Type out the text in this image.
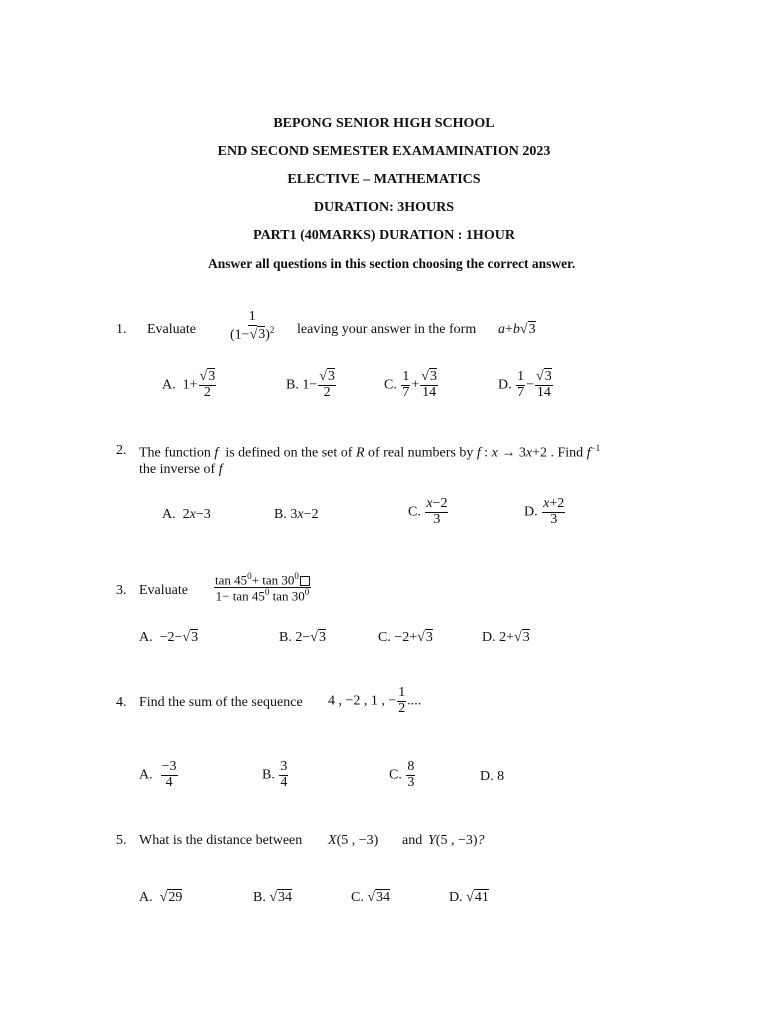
BEPONG SENIOR HIGH SCHOOL
END SECOND SEMESTER EXAMAMINATION 2023
ELECTIVE – MATHEMATICS
DURATION: 3HOURS
PART1 (40MARKS) DURATION : 1HOUR
Answer all questions in this section choosing the correct answer.
1. Evaluate $\frac{1}{(1-√3)^2}$ leaving your answer in the form a+b√3
A.  $1+ \frac{√3}{2}$	B. $1- \frac{√3}{2}$	C. $\frac{1}{7} + \frac{√3}{14}$	D. $\frac{1}{7} - \frac{√3}{14}$
2. The function f is defined on the set of R of real numbers by f : x → 3x+2 . Find $f^{-1}$
the inverse of f
A.  2x−3	B. 3x−2	C. $\frac{x-2}{3}$	D. $\frac{x+2}{3}$
3. Evaluate $\frac{\tan 45^0+ \tan 30^0}{1- \tan 45^0 \tan 30^0}$
A.  −2−√3	B. 2−√3	C. −2+√3	D. 2+√3
4. Find the sum of the sequence 4 , −2 , 1 , − $\frac{1}{2}$ ....
A. $\frac{-3}{4}$	B. $\frac{3}{4}$	C. $\frac{8}{3}$	D. 8
5. What is the distance between X(5 , −3) and Y(5 , −3)?
A. √29	B. √34	C. √34	D. √41
